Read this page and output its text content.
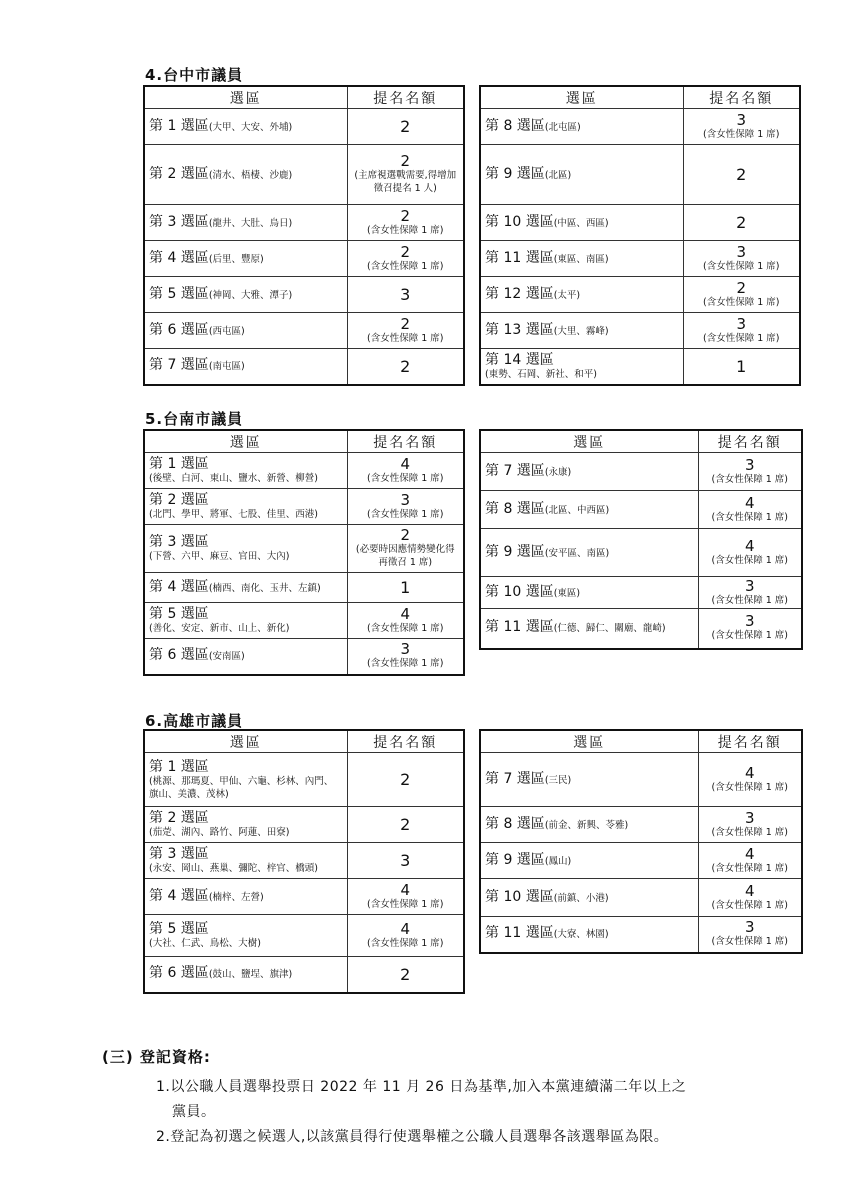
4.台中市議員
5.台南市議員
6.高雄市議員
選區	提名名額
第 1 選區(大甲、大安、外埔)	2

第 2 選區(清水、梧棲、沙鹿)	2
(主席視選戰需要,得增加徵召提名 1 人)

第 3 選區(龍井、大肚、烏日)	2
(含女性保障 1 席)

第 4 選區(后里、豐原)	2
(含女性保障 1 席)

第 5 選區(神岡、大雅、潭子)	3

第 6 選區(西屯區)	2
(含女性保障 1 席)

第 7 選區(南屯區)	2
選區	提名名額
第 8 選區(北屯區)	3
(含女性保障 1 席)

第 9 選區(北區)	2

第 10 選區(中區、西區)	2

第 11 選區(東區、南區)	3
(含女性保障 1 席)

第 12 選區(太平)	2
(含女性保障 1 席)

第 13 選區(大里、霧峰)	3
(含女性保障 1 席)

第 14 選區
(東勢、石岡、新社、和平)	1
選區	提名名額
第 1 選區
(後壁、白河、東山、鹽水、新營、柳營)	4
(含女性保障 1 席)

第 2 選區
(北門、學甲、將軍、七股、佳里、西港)	3
(含女性保障 1 席)

第 3 選區
(下營、六甲、麻豆、官田、大內)	2
(必要時因應情勢變化得再徵召 1 席)

第 4 選區(楠西、南化、玉井、左鎮)	1

第 5 選區
(善化、安定、新市、山上、新化)	4
(含女性保障 1 席)

第 6 選區(安南區)	3
(含女性保障 1 席)
選區	提名名額
第 7 選區(永康)	3
(含女性保障 1 席)

第 8 選區(北區、中西區)	4
(含女性保障 1 席)

第 9 選區(安平區、南區)	4
(含女性保障 1 席)

第 10 選區(東區)	3
(含女性保障 1 席)

第 11 選區(仁德、歸仁、關廟、龍崎)	3
(含女性保障 1 席)
選區	提名名額
第 1 選區
(桃源、那瑪夏、甲仙、六龜、杉林、內門、旗山、美濃、茂林)	2

第 2 選區
(茄萣、湖內、路竹、阿蓮、田寮)	2

第 3 選區
(永安、岡山、燕巢、彌陀、梓官、橋頭)	3

第 4 選區(楠梓、左營)	4
(含女性保障 1 席)

第 5 選區
(大社、仁武、鳥松、大樹)	4
(含女性保障 1 席)

第 6 選區(鼓山、鹽埕、旗津)	2
選區	提名名額
第 7 選區(三民)	4
(含女性保障 1 席)

第 8 選區(前金、新興、苓雅)	3
(含女性保障 1 席)

第 9 選區(鳳山)	4
(含女性保障 1 席)

第 10 選區(前鎮、小港)	4
(含女性保障 1 席)

第 11 選區(大寮、林園)	3
(含女性保障 1 席)
(三) 登記資格:
1.以公職人員選舉投票日 2022 年 11 月 26 日為基準,加入本黨連續滿二年以上之
黨員。
2.登記為初選之候選人,以該黨員得行使選舉權之公職人員選舉各該選舉區為限。
